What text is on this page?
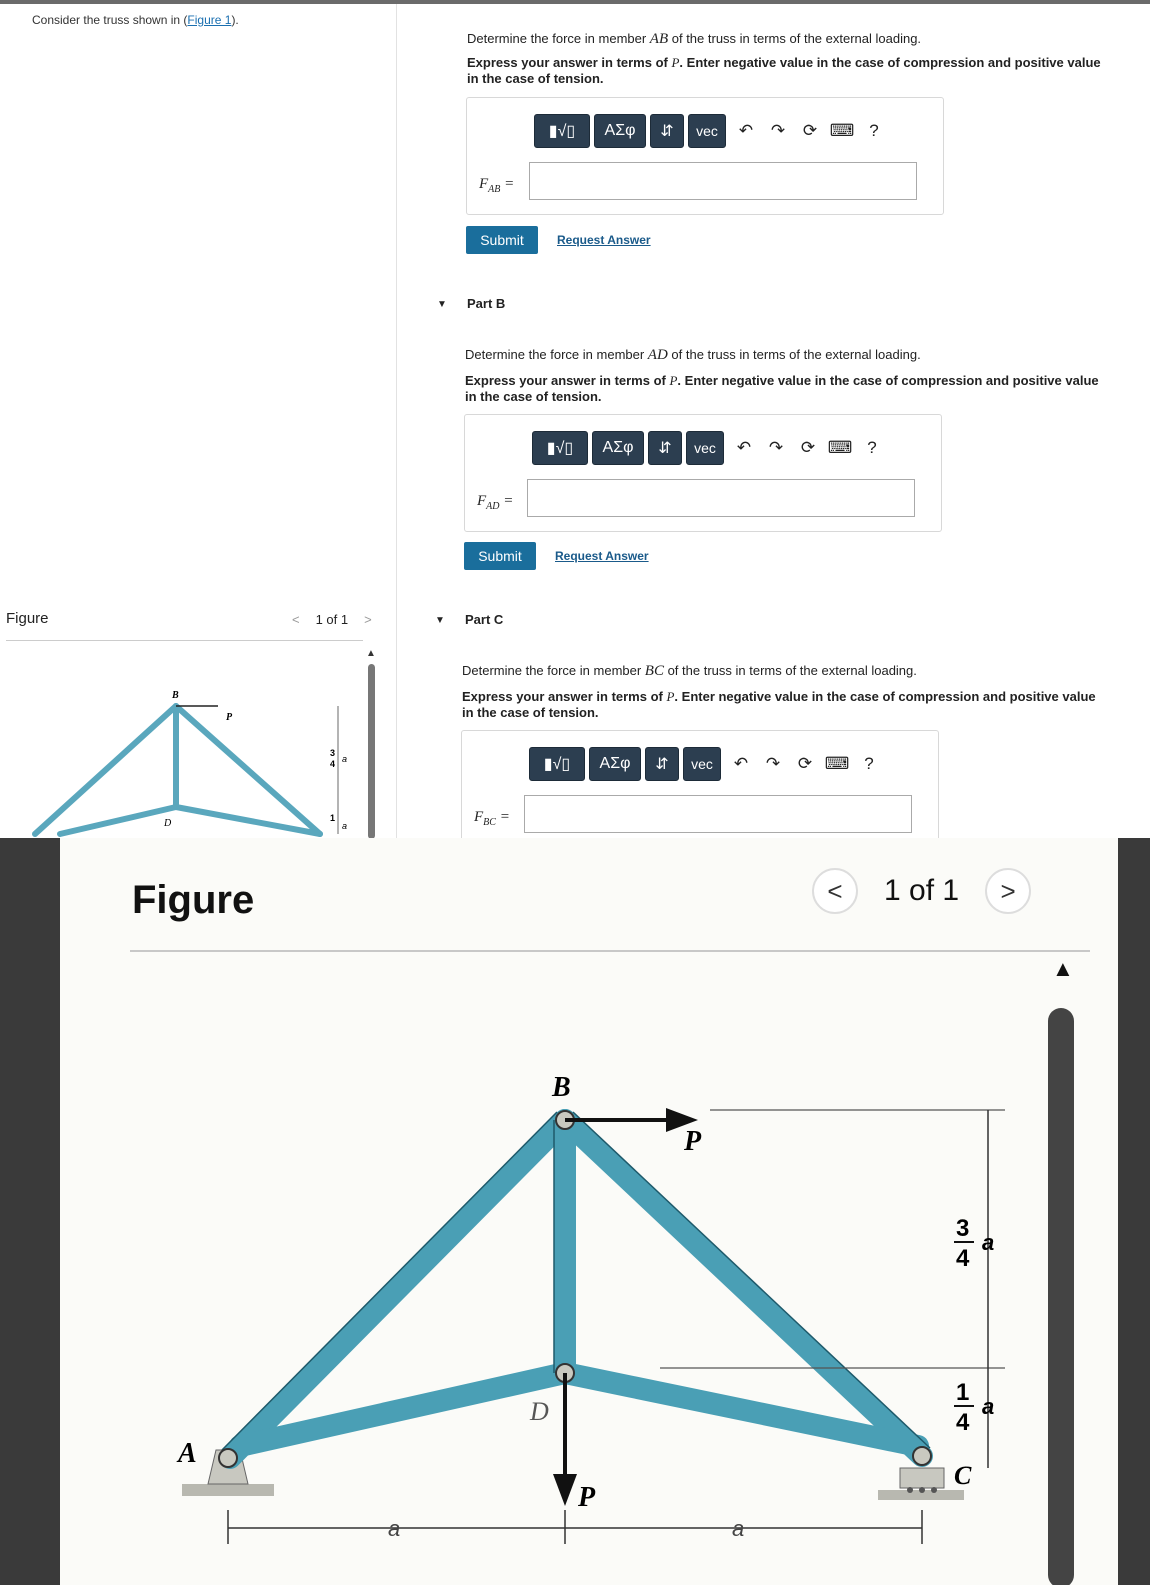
Consider the truss shown in (Figure 1).
Figure	< 1 of 1 >
▲
B
P
D
3
4 a
1
a
Determine the force in member AB of the truss in terms of the external loading.
Express your answer in terms of P. Enter negative value in the case of compression and positive value in the case of tension.
▮√▯	ΑΣφ	⇵	vec	↶	↷	⟳ ⌨ ?
$F_{AB}$ =
Submit	Request Answer
▼ Part B
Determine the force in member AD of the truss in terms of the external loading.
Express your answer in terms of P. Enter negative value in the case of compression and positive value in the case of tension.
▮√▯	ΑΣφ	⇵	vec	↶	↷	⟳ ⌨ ?
$F_{AD}$ =
Submit	Request Answer
▼ Part C
Determine the force in member BC of the truss in terms of the external loading.
Express your answer in terms of P. Enter negative value in the case of compression and positive value in the case of tension.
▮√▯	ΑΣφ	⇵	vec	↶	↷	⟳ ⌨ ?
$F_{BC}$ =
Figure	<	1 of 1	>
▲
B
P
D
P
A
C
a	a
3
4
a
1
4
a
